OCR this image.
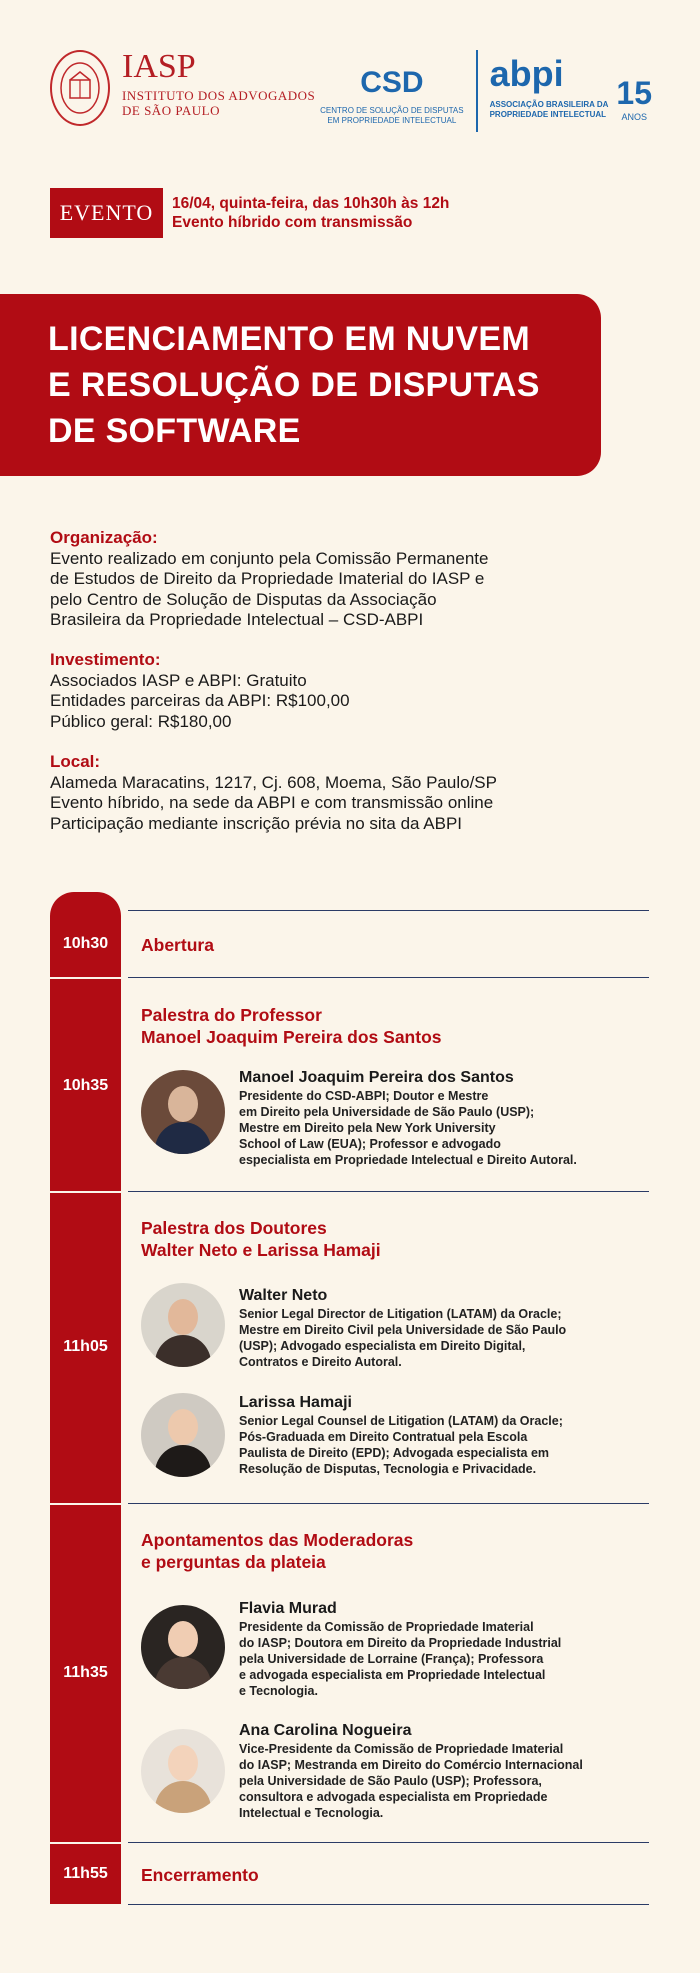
IASP
INSTITUTO DOS ADVOGADOS
DE SÃO PAULO
CSD
CENTRO DE SOLUÇÃO DE DISPUTAS
EM PROPRIEDADE INTELECTUAL
abpi
ASSOCIAÇÃO BRASILEIRA DA
PROPRIEDADE INTELECTUAL
15
ANOS
EVENTO	16/04, quinta-feira, das 10h30h às 12h
Evento híbrido com transmissão
LICENCIAMENTO EM NUVEM
E RESOLUÇÃO DE DISPUTAS
DE SOFTWARE
Organização:
Evento realizado em conjunto pela Comissão Permanente
de Estudos de Direito da Propriedade Imaterial do IASP e
pelo Centro de Solução de Disputas da Associação
Brasileira da Propriedade Intelectual – CSD-ABPI
Investimento:
Associados IASP e ABPI: Gratuito
Entidades parceiras da ABPI: R$100,00
Público geral: R$180,00
Local:
Alameda Maracatins, 1217, Cj. 608, Moema, São Paulo/SP
Evento híbrido, na sede da ABPI e com transmissão online
Participação mediante inscrição prévia no sita da ABPI
10h30	Abertura
10h35
Palestra do Professor
Manoel Joaquim Pereira dos Santos
Manoel Joaquim Pereira dos Santos
Presidente do CSD-ABPI; Doutor e Mestre
em Direito pela Universidade de São Paulo (USP);
Mestre em Direito pela New York University
School of Law (EUA); Professor e advogado
especialista em Propriedade Intelectual e Direito Autoral.
11h05
Palestra dos Doutores
Walter Neto e Larissa Hamaji
Walter Neto
Senior Legal Director de Litigation (LATAM) da Oracle;
Mestre em Direito Civil pela Universidade de São Paulo
(USP); Advogado especialista em Direito Digital,
Contratos e Direito Autoral.
Larissa Hamaji
Senior Legal Counsel de Litigation (LATAM) da Oracle;
Pós-Graduada em Direito Contratual pela Escola
Paulista de Direito (EPD); Advogada especialista em
Resolução de Disputas, Tecnologia e Privacidade.
11h35
Apontamentos das Moderadoras
e perguntas da plateia
Flavia Murad
Presidente da Comissão de Propriedade Imaterial
do IASP; Doutora em Direito da Propriedade Industrial
pela Universidade de Lorraine (França); Professora
e advogada especialista em Propriedade Intelectual
e Tecnologia.
Ana Carolina Nogueira
Vice-Presidente da Comissão de Propriedade Imaterial
do IASP; Mestranda em Direito do Comércio Internacional
pela Universidade de São Paulo (USP); Professora,
consultora e advogada especialista em Propriedade
Intelectual e Tecnologia.
11h55	Encerramento
